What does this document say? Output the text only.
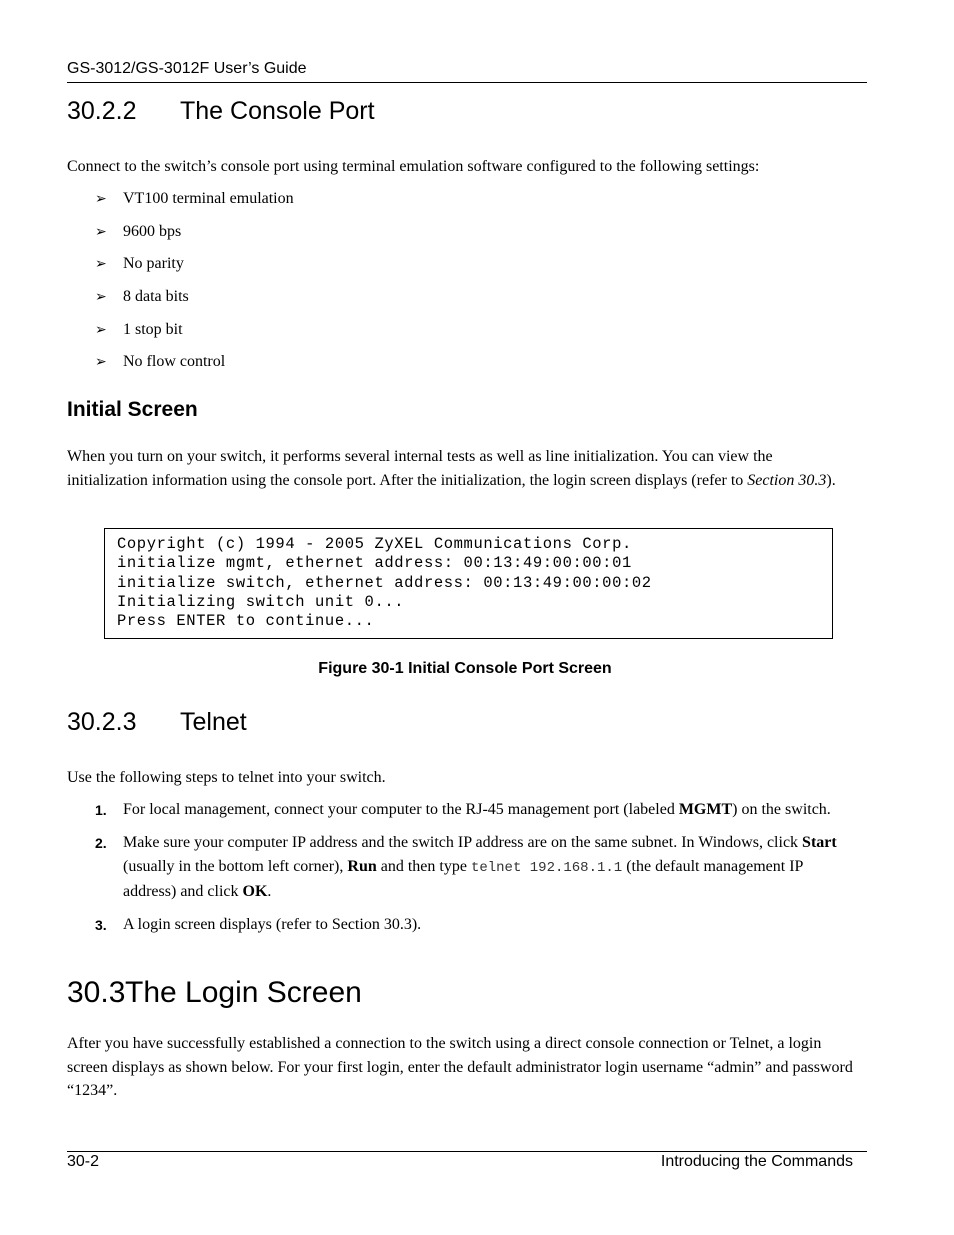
GS-3012/GS-3012F User’s Guide
30.2.2 The Console Port
Connect to the switch’s console port using terminal emulation software configured to the following settings:
➢	VT100 terminal emulation
➢	9600 bps
➢	No parity
➢	8 data bits
➢	1 stop bit
➢	No flow control
Initial Screen
When you turn on your switch, it performs several internal tests as well as line initialization. You can view the initialization information using the console port. After the initialization, the login screen displays (refer to Section 30.3).
Copyright (c) 1994 - 2005 ZyXEL Communications Corp.
initialize mgmt, ethernet address: 00:13:49:00:00:01
initialize switch, ethernet address: 00:13:49:00:00:02
Initializing switch unit 0...
Press ENTER to continue...
Figure 30-1 Initial Console Port Screen
30.2.3 Telnet
Use the following steps to telnet into your switch.
1.	For local management, connect your computer to the RJ-45 management port (labeled MGMT) on the switch.
2.	Make sure your computer IP address and the switch IP address are on the same subnet. In Windows, click Start (usually in the bottom left corner), Run and then type telnet 192.168.1.1 (the default management IP address) and click OK.
3.	A login screen displays (refer to Section 30.3).
30.3The Login Screen
After you have successfully established a connection to the switch using a direct console connection or Telnet, a login screen displays as shown below. For your first login, enter the default administrator login username “admin” and password “1234”.
30-2	Introducing the Commands
